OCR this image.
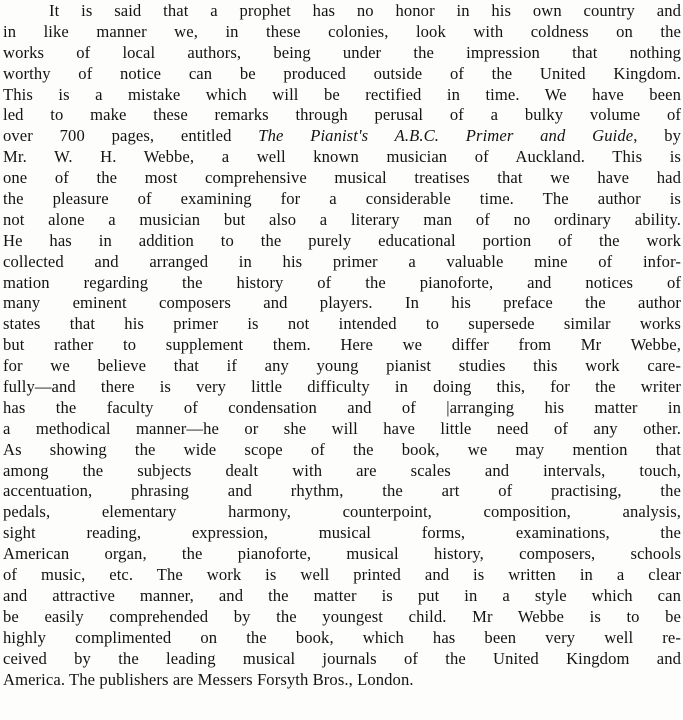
It is said that a prophet has no honor in his own country and
in like manner we, in these colonies, look with coldness on the
works of local authors, being under the impression that nothing
worthy of notice can be produced outside of the United Kingdom.
This is a mistake which will be rectified in time. We have been
led to make these remarks through perusal of a bulky volume of
over 700 pages, entitled The Pianist's A.B.C. Primer and Guide, by
Mr. W. H. Webbe, a well known musician of Auckland. This is
one of the most comprehensive musical treatises that we have had
the pleasure of examining for a considerable time. The author is
not alone a musician but also a literary man of no ordinary ability.
He has in addition to the purely educational portion of the work
collected and arranged in his primer a valuable mine of infor-
mation regarding the history of the pianoforte, and notices of
many eminent composers and players. In his preface the author
states that his primer is not intended to supersede similar works
but rather to supplement them. Here we differ from Mr Webbe,
for we believe that if any young pianist studies this work care-
fully—and there is very little difficulty in doing this, for the writer
has the faculty of condensation and of |arranging his matter in
a methodical manner—he or she will have little need of any other.
As showing the wide scope of the book, we may mention that
among the subjects dealt with are scales and intervals, touch,
accentuation, phrasing and rhythm, the art of practising, the
pedals, elementary harmony, counterpoint, composition, analysis,
sight reading, expression, musical forms, examinations, the
American organ, the pianoforte, musical history, composers, schools
of music, etc. The work is well printed and is written in a clear
and attractive manner, and the matter is put in a style which can
be easily comprehended by the youngest child. Mr Webbe is to be
highly complimented on the book, which has been very well re-
ceived by the leading musical journals of the United Kingdom and
America. The publishers are Messers Forsyth Bros., London.
